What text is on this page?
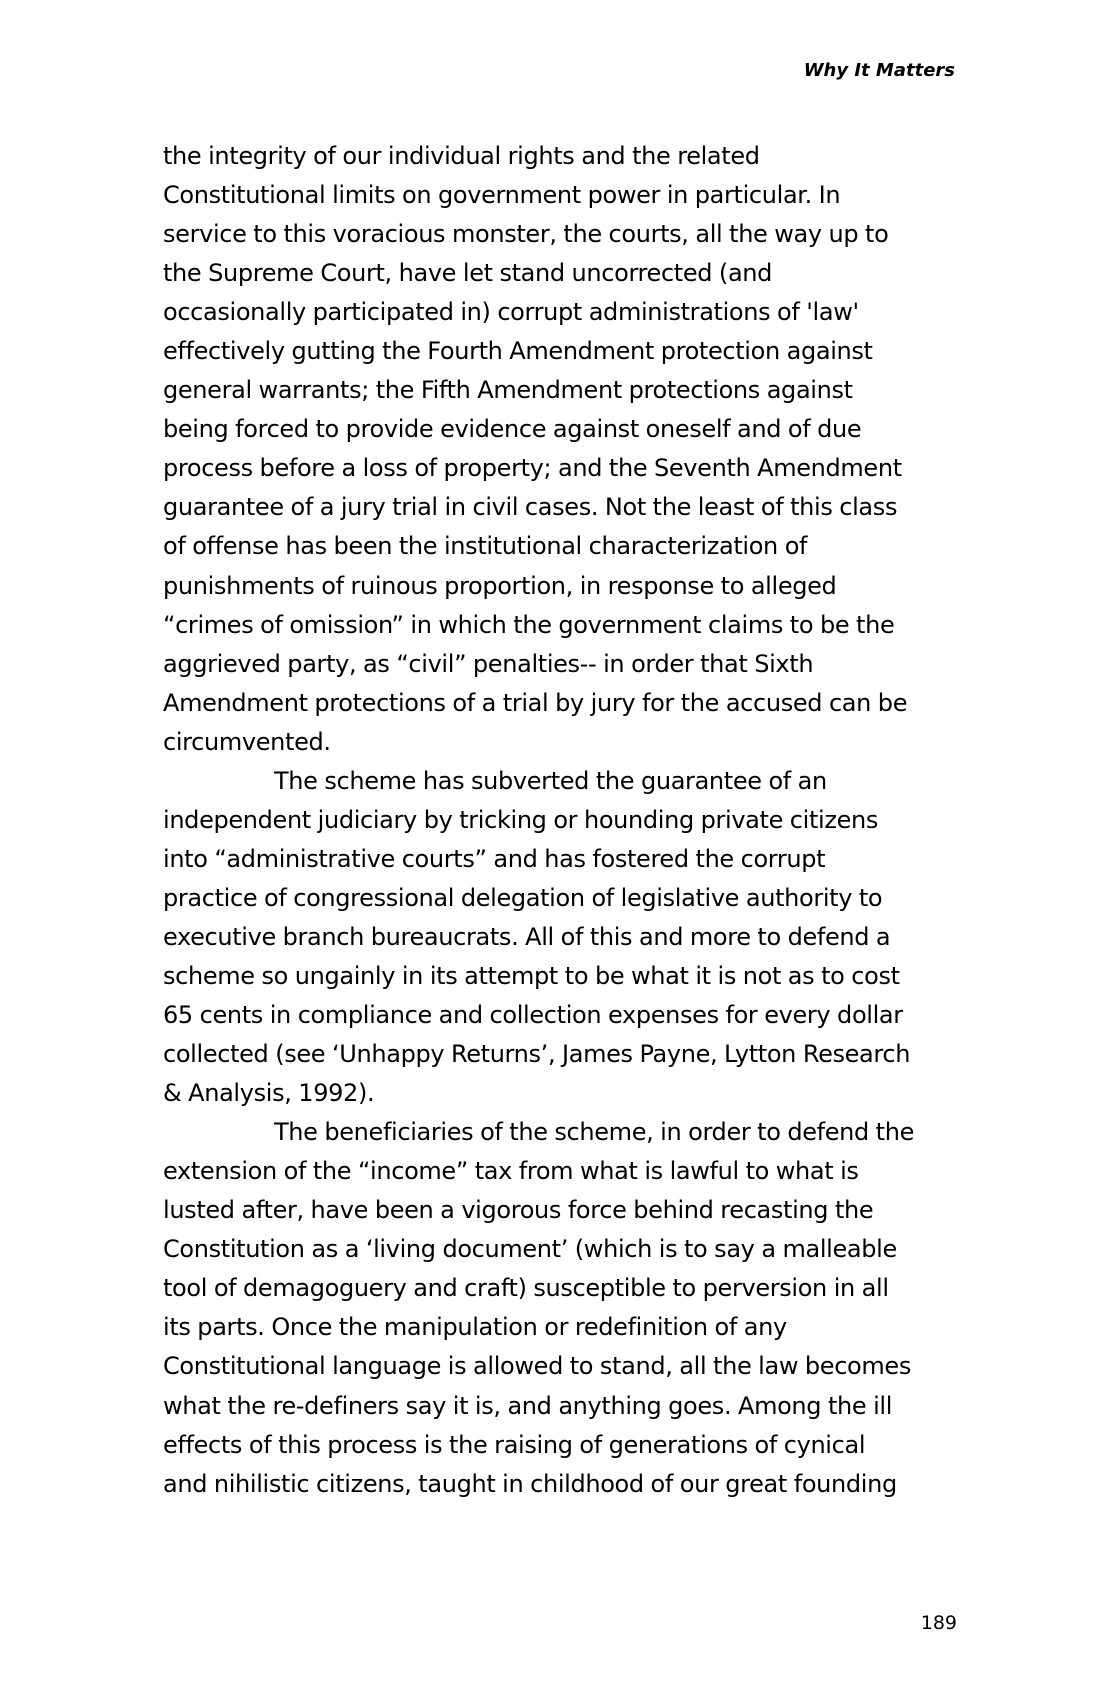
Why It Matters
the integrity of our individual rights and the related
Constitutional limits on government power in particular. In
service to this voracious monster, the courts, all the way up to
the Supreme Court, have let stand uncorrected (and
occasionally participated in) corrupt administrations of 'law'
effectively gutting the Fourth Amendment protection against
general warrants; the Fifth Amendment protections against
being forced to provide evidence against oneself and of due
process before a loss of property; and the Seventh Amendment
guarantee of a jury trial in civil cases. Not the least of this class
of offense has been the institutional characterization of
punishments of ruinous proportion, in response to alleged
“crimes of omission” in which the government claims to be the
aggrieved party, as “civil” penalties-- in order that Sixth
Amendment protections of a trial by jury for the accused can be
circumvented.
The scheme has subverted the guarantee of an
independent judiciary by tricking or hounding private citizens
into “administrative courts” and has fostered the corrupt
practice of congressional delegation of legislative authority to
executive branch bureaucrats. All of this and more to defend a
scheme so ungainly in its attempt to be what it is not as to cost
65 cents in compliance and collection expenses for every dollar
collected (see ‘Unhappy Returns’, James Payne, Lytton Research
& Analysis, 1992).
The beneficiaries of the scheme, in order to defend the
extension of the “income” tax from what is lawful to what is
lusted after, have been a vigorous force behind recasting the
Constitution as a ‘living document’ (which is to say a malleable
tool of demagoguery and craft) susceptible to perversion in all
its parts. Once the manipulation or redefinition of any
Constitutional language is allowed to stand, all the law becomes
what the re-definers say it is, and anything goes. Among the ill
effects of this process is the raising of generations of cynical
and nihilistic citizens, taught in childhood of our great founding
189
